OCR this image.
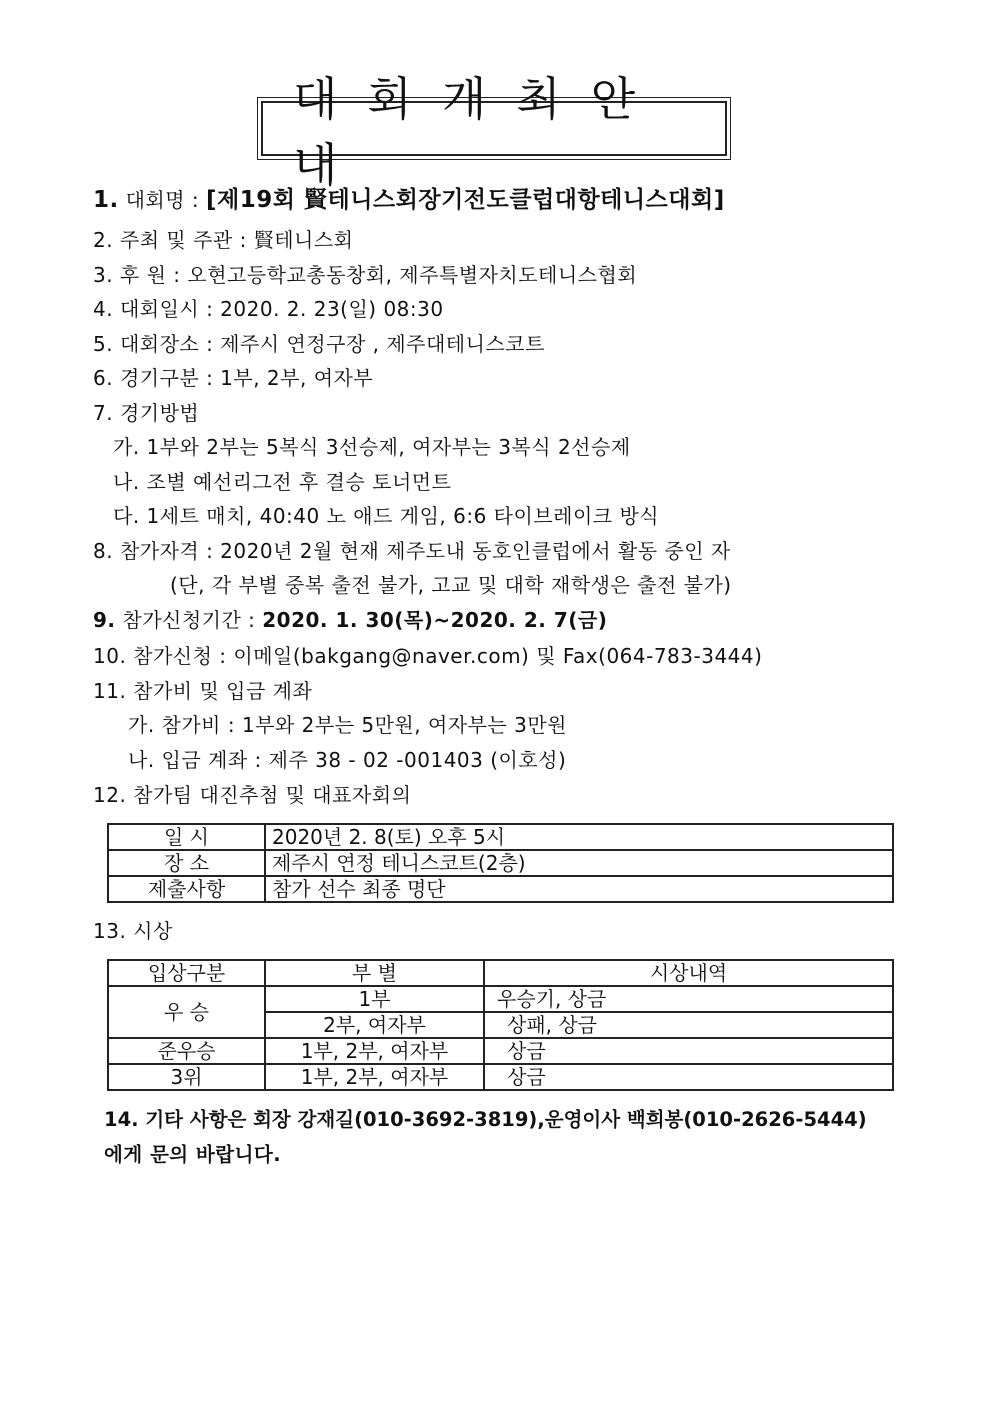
대회개최안내
1. 대회명 : [제19회 賢테니스회장기전도클럽대항테니스대회]
2. 주최 및 주관 : 賢테니스회
3. 후 원 : 오현고등학교총동창회, 제주특별자치도테니스협회
4. 대회일시 : 2020. 2. 23(일) 08:30
5. 대회장소 : 제주시 연정구장 , 제주대테니스코트
6. 경기구분 : 1부, 2부, 여자부
7. 경기방법
가. 1부와 2부는 5복식 3선승제, 여자부는 3복식 2선승제
나. 조별 예선리그전 후 결승 토너먼트
다. 1세트 매치, 40:40 노 애드 게임, 6:6 타이브레이크 방식
8. 참가자격 : 2020년 2월 현재 제주도내 동호인클럽에서 활동 중인 자
(단, 각 부별 중복 출전 불가, 고교 및 대학 재학생은 출전 불가)
9. 참가신청기간 : 2020. 1. 30(목)~2020. 2. 7(금)
10. 참가신청 : 이메일(bakgang@naver.com) 및 Fax(064-783-3444)
11. 참가비 및 입금 계좌
가. 참가비 : 1부와 2부는 5만원, 여자부는 3만원
나. 입금 계좌 : 제주 38 - 02 -001403 (이호성)
12. 참가팀 대진추첨 및 대표자회의
일 시	2020년 2. 8(토) 오후 5시
장 소	제주시 연정 테니스코트(2층)
제출사항	참가 선수 최종 명단
13. 시상
입상구분	부 별	시상내역
우 승	1부	우승기, 상금
	2부, 여자부	상패, 상금
준우승	1부, 2부, 여자부	상금
3위	1부, 2부, 여자부	상금
14. 기타 사항은 회장 강재길(010-3692-3819),운영이사 백희봉(010-2626-5444)
에게 문의 바랍니다.
